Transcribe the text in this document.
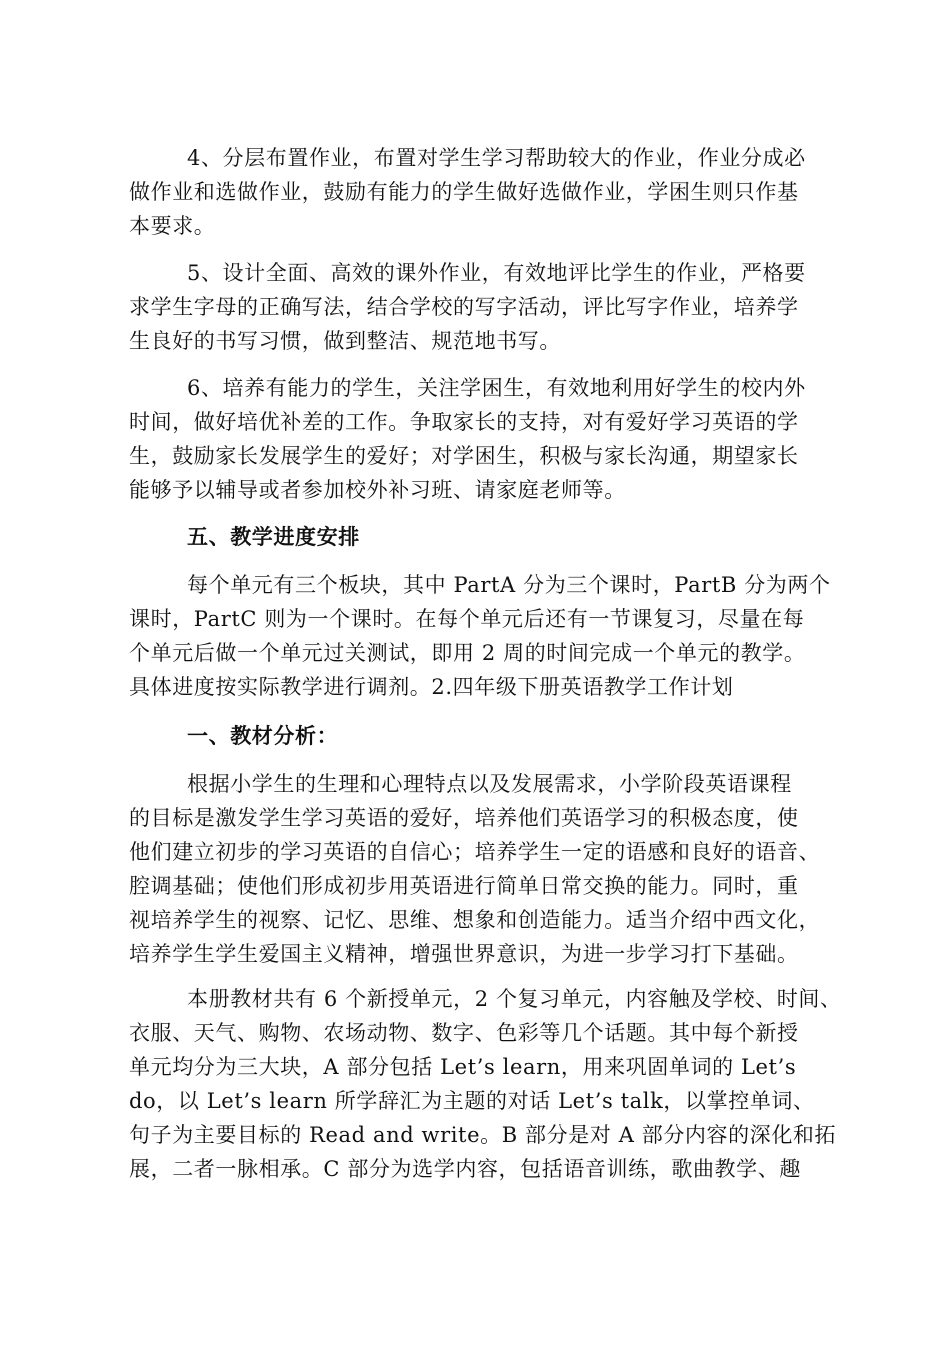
4、分层布置作业，布置对学生学习帮助较大的作业，作业分成必
做作业和选做作业，鼓励有能力的学生做好选做作业，学困生则只作基
本要求。
5、设计全面、高效的课外作业，有效地评比学生的作业，严格要
求学生字母的正确写法，结合学校的写字活动，评比写字作业，培养学
生良好的书写习惯，做到整洁、规范地书写。
6、培养有能力的学生，关注学困生，有效地利用好学生的校内外
时间，做好培优补差的工作。争取家长的支持，对有爱好学习英语的学
生，鼓励家长发展学生的爱好；对学困生，积极与家长沟通，期望家长
能够予以辅导或者参加校外补习班、请家庭老师等。
五、教学进度安排
每个单元有三个板块，其中 PartA 分为三个课时，PartB 分为两个
课时，PartC 则为一个课时。在每个单元后还有一节课复习，尽量在每
个单元后做一个单元过关测试，即用 2 周的时间完成一个单元的教学。
具体进度按实际教学进行调剂。2.四年级下册英语教学工作计划
一、教材分析：
根据小学生的生理和心理特点以及发展需求，小学阶段英语课程
的目标是激发学生学习英语的爱好，培养他们英语学习的积极态度，使
他们建立初步的学习英语的自信心；培养学生一定的语感和良好的语音、
腔调基础；使他们形成初步用英语进行简单日常交换的能力。同时，重
视培养学生的视察、记忆、思维、想象和创造能力。适当介绍中西文化，
培养学生学生爱国主义精神，增强世界意识，为进一步学习打下基础。
本册教材共有 6 个新授单元，2 个复习单元，内容触及学校、时间、
衣服、天气、购物、农场动物、数字、色彩等几个话题。其中每个新授
单元均分为三大块，A 部分包括 Let’s learn，用来巩固单词的 Let’s
do，以 Let’s learn 所学辞汇为主题的对话 Let’s talk，以掌控单词、
句子为主要目标的 Read and write。B 部分是对 A 部分内容的深化和拓
展，二者一脉相承。C 部分为选学内容，包括语音训练，歌曲教学、趣
